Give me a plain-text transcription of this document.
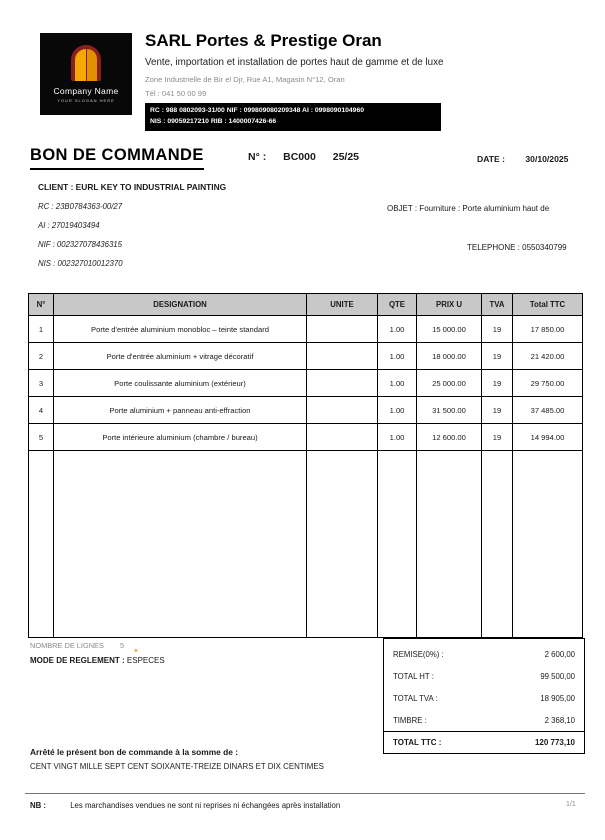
Company Name
YOUR SLOGAN HERE
SARL Portes & Prestige Oran
Vente, importation et installation de portes haut de gamme et de luxe
Zone Industrielle de Bir el Djr, Rue A1, Magasin N°12, Oran
Tél : 041 50 00 99
RC : 988 0802093-31/00 NIF : 099809080209348 AI : 0998090104960
NIS : 09059217210 RIB : 1400007426-66
BON DE COMMANDE	N° : BC000 25/25	DATE : 30/10/2025
CLIENT : EURL KEY TO INDUSTRIAL PAINTING
RC : 23B0784363-00/27
AI : 27019403494
NIF : 002327078436315
NIS : 002327010012370
OBJET : Fourniture : Porte aluminium haut de
TELEPHONE : 0550340799
N°	DESIGNATION	UNITE	QTE	PRIX U	TVA	Total TTC
1	Porte d'entrée aluminium monobloc – teinte standard		1.00	15 000.00	19	17 850.00
2	Porte d'entrée aluminium + vitrage décoratif		1.00	18 000.00	19	21 420.00
3	Porte coulissante aluminium (extérieur)		1.00	25 000.00	19	29 750.00
4	Porte aluminium + panneau anti-effraction		1.00	31 500.00	19	37 485.00
5	Porte intérieure aluminium (chambre / bureau)		1.00	12 600.00	19	14 994.00

NOMBRE DE LIGNES 5
✦
MODE DE REGLEMENT : ESPECES
REMISE(0%) :	2 600,00
TOTAL HT :	99 500,00
TOTAL TVA :	18 905,00
TIMBRE :	2 368,10
TOTAL TTC :	120 773,10
Arrêté le présent bon de commande à la somme de :
CENT VINGT MILLE SEPT CENT SOIXANTE-TREIZE DINARS ET DIX CENTIMES
NB :	Les marchandises vendues ne sont ni reprises ni échangées après installation	1/1
